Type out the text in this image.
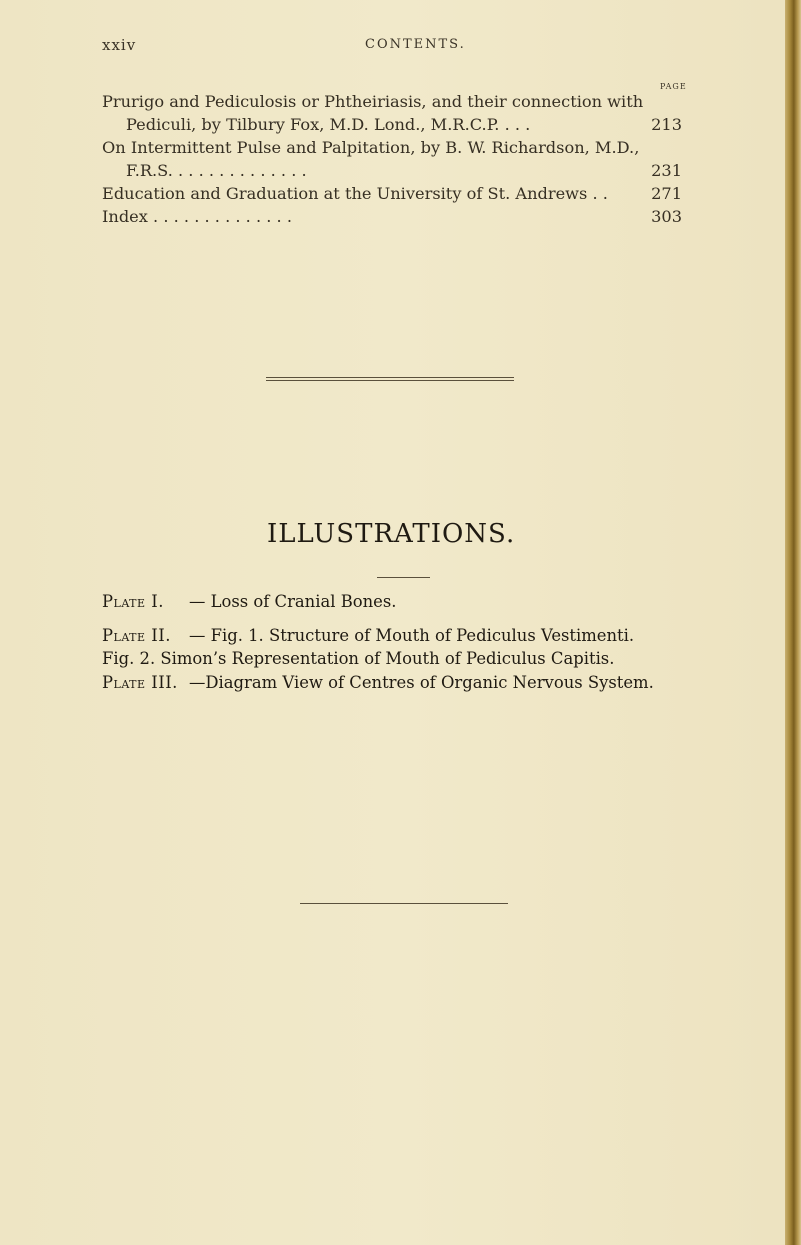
xxiv	CONTENTS.
PAGE
Prurigo and Pediculosis or Phtheiriasis, and their connection with
Pediculi, by Tilbury Fox, M.D. Lond., M.R.C.P. . . .	213
On Intermittent Pulse and Palpitation, by B. W. Richardson, M.D.,
F.R.S. . . . . . . . . . . . . .	231
Education and Graduation at the University of St. Andrews . .	271
Index . . . . . . . . . . . . . .	303
ILLUSTRATIONS.
Plate I. — Loss of Cranial Bones.
Plate II. — Fig. 1. Structure of Mouth of Pediculus Vestimenti.
Fig. 2. Simon’s Representation of Mouth of Pediculus Capitis.
Plate III. —Diagram View of Centres of Organic Nervous System.
